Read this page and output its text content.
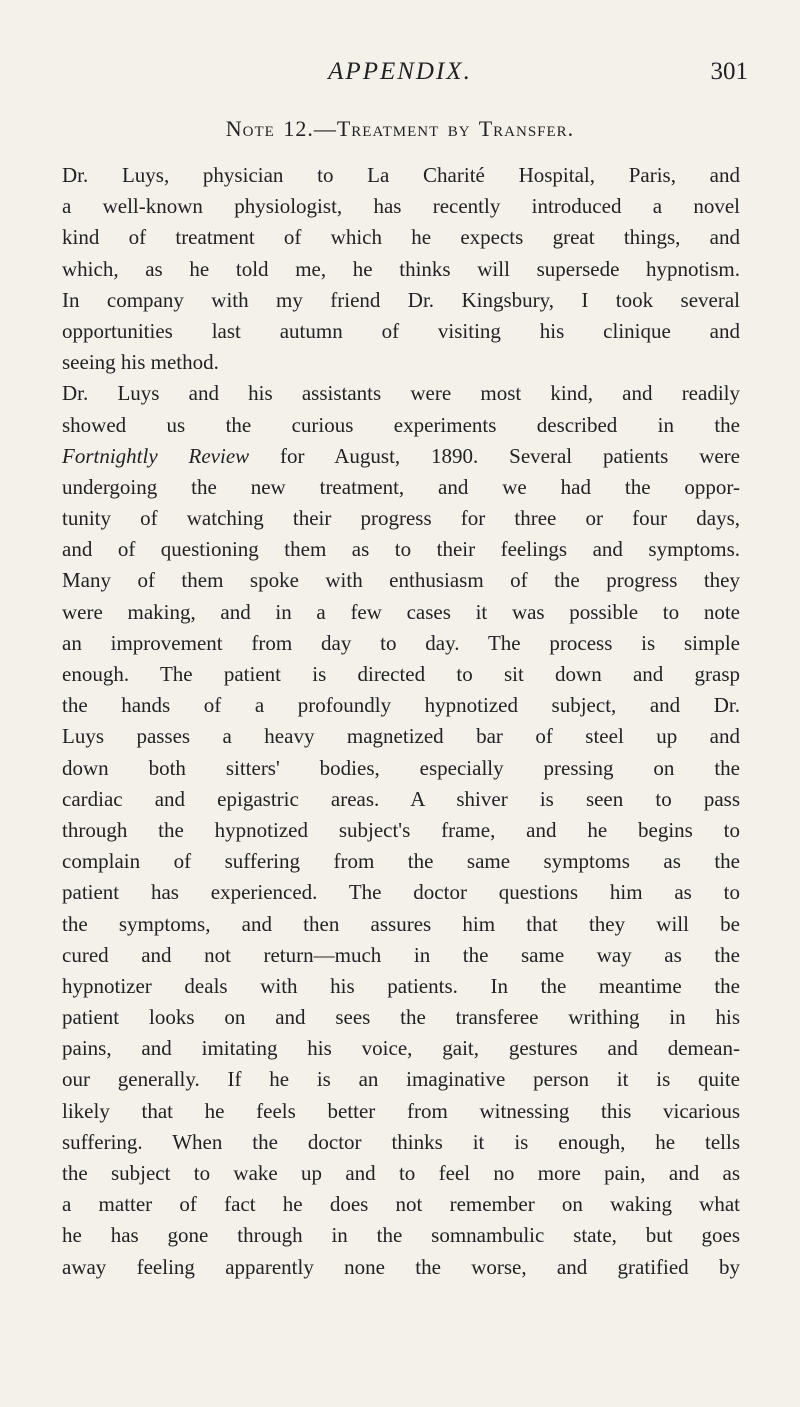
APPENDIX.	301
Note 12.—Treatment by Transfer.
Dr. Luys, physician to La Charité Hospital, Paris, and
a well-known physiologist, has recently introduced a novel
kind of treatment of which he expects great things, and
which, as he told me, he thinks will supersede hypnotism.
In company with my friend Dr. Kingsbury, I took several
opportunities last autumn of visiting his clinique and
seeing his method.
Dr. Luys and his assistants were most kind, and readily
showed us the curious experiments described in the
Fortnightly Review for August, 1890. Several patients were
undergoing the new treatment, and we had the oppor-
tunity of watching their progress for three or four days,
and of questioning them as to their feelings and symptoms.
Many of them spoke with enthusiasm of the progress they
were making, and in a few cases it was possible to note
an improvement from day to day. The process is simple
enough. The patient is directed to sit down and grasp
the hands of a profoundly hypnotized subject, and Dr.
Luys passes a heavy magnetized bar of steel up and
down both sitters' bodies, especially pressing on the
cardiac and epigastric areas. A shiver is seen to pass
through the hypnotized subject's frame, and he begins to
complain of suffering from the same symptoms as the
patient has experienced. The doctor questions him as to
the symptoms, and then assures him that they will be
cured and not return—much in the same way as the
hypnotizer deals with his patients. In the meantime the
patient looks on and sees the transferee writhing in his
pains, and imitating his voice, gait, gestures and demean-
our generally. If he is an imaginative person it is quite
likely that he feels better from witnessing this vicarious
suffering. When the doctor thinks it is enough, he tells
the subject to wake up and to feel no more pain, and as
a matter of fact he does not remember on waking what
he has gone through in the somnambulic state, but goes
away feeling apparently none the worse, and gratified by
